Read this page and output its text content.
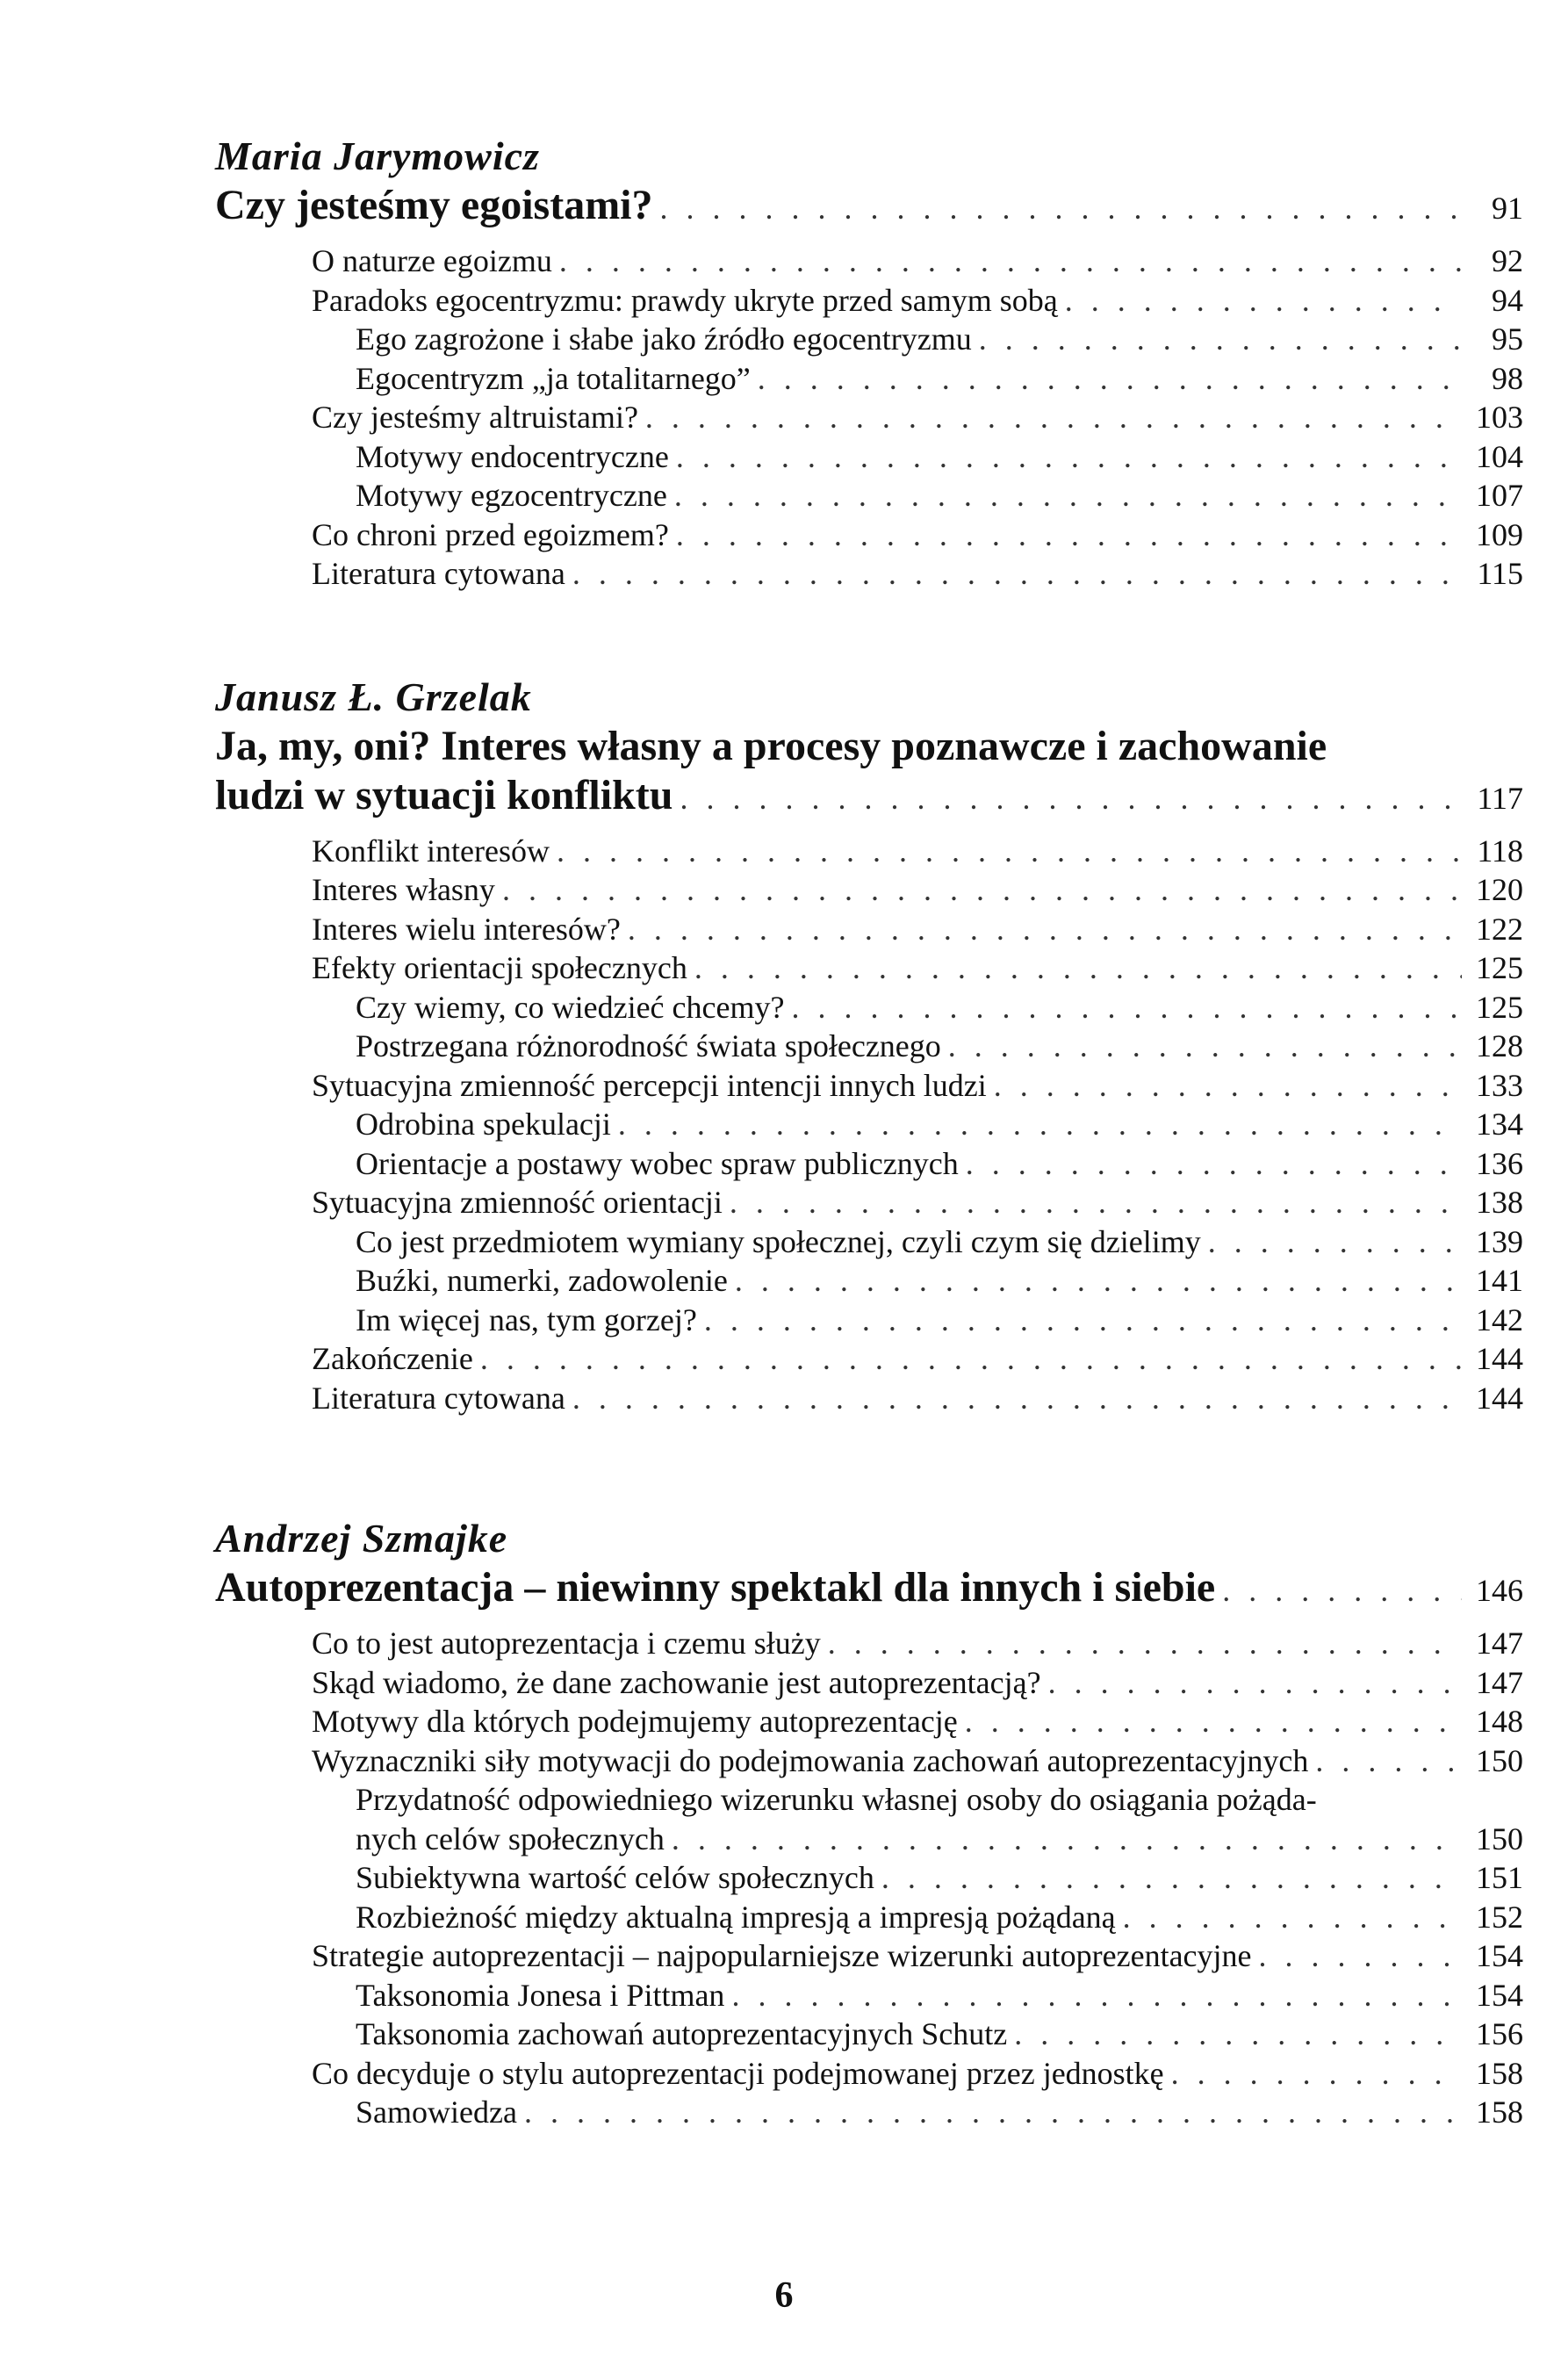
Maria Jarymowicz
Czy jesteśmy egoistami? . . .	91
O naturze egoizmu . . .	92
Paradoks egocentryzmu: prawdy ukryte przed samym sobą . . .	94
Ego zagrożone i słabe jako źródło egocentryzmu . . .	95
Egocentryzm „ja totalitarnego” . . .	98
Czy jesteśmy altruistami? . . .	103
Motywy endocentryczne . . .	104
Motywy egzocentryczne . . .	107
Co chroni przed egoizmem? . . .	109
Literatura cytowana . . .	115
Janusz Ł. Grzelak
Ja, my, oni? Interes własny a procesy poznawcze i zachowanie
ludzi w sytuacji konfliktu . . .	117
Konflikt interesów . . .	118
Interes własny . . .	120
Interes wielu interesów? . . .	122
Efekty orientacji społecznych . . .	125
Czy wiemy, co wiedzieć chcemy? . . .	125
Postrzegana różnorodność świata społecznego . . .	128
Sytuacyjna zmienność percepcji intencji innych ludzi . . .	133
Odrobina spekulacji . . .	134
Orientacje a postawy wobec spraw publicznych . . .	136
Sytuacyjna zmienność orientacji . . .	138
Co jest przedmiotem wymiany społecznej, czyli czym się dzielimy . . .	139
Buźki, numerki, zadowolenie . . .	141
Im więcej nas, tym gorzej? . . .	142
Zakończenie . . .	144
Literatura cytowana . . .	144
Andrzej Szmajke
Autoprezentacja – niewinny spektakl dla innych i siebie . . .	146
Co to jest autoprezentacja i czemu służy . . .	147
Skąd wiadomo, że dane zachowanie jest autoprezentacją? . . .	147
Motywy dla których podejmujemy autoprezentację . . .	148
Wyznaczniki siły motywacji do podejmowania zachowań autoprezentacyjnych . . .	150
Przydatność odpowiedniego wizerunku własnej osoby do osiągania pożąda-
nych celów społecznych . . .	150
Subiektywna wartość celów społecznych . . .	151
Rozbieżność między aktualną impresją a impresją pożądaną . . .	152
Strategie autoprezentacji – najpopularniejsze wizerunki autoprezentacyjne . . .	154
Taksonomia Jonesa i Pittman . . .	154
Taksonomia zachowań autoprezentacyjnych Schutz . . .	156
Co decyduje o stylu autoprezentacji podejmowanej przez jednostkę . . .	158
Samowiedza . . .	158
6
